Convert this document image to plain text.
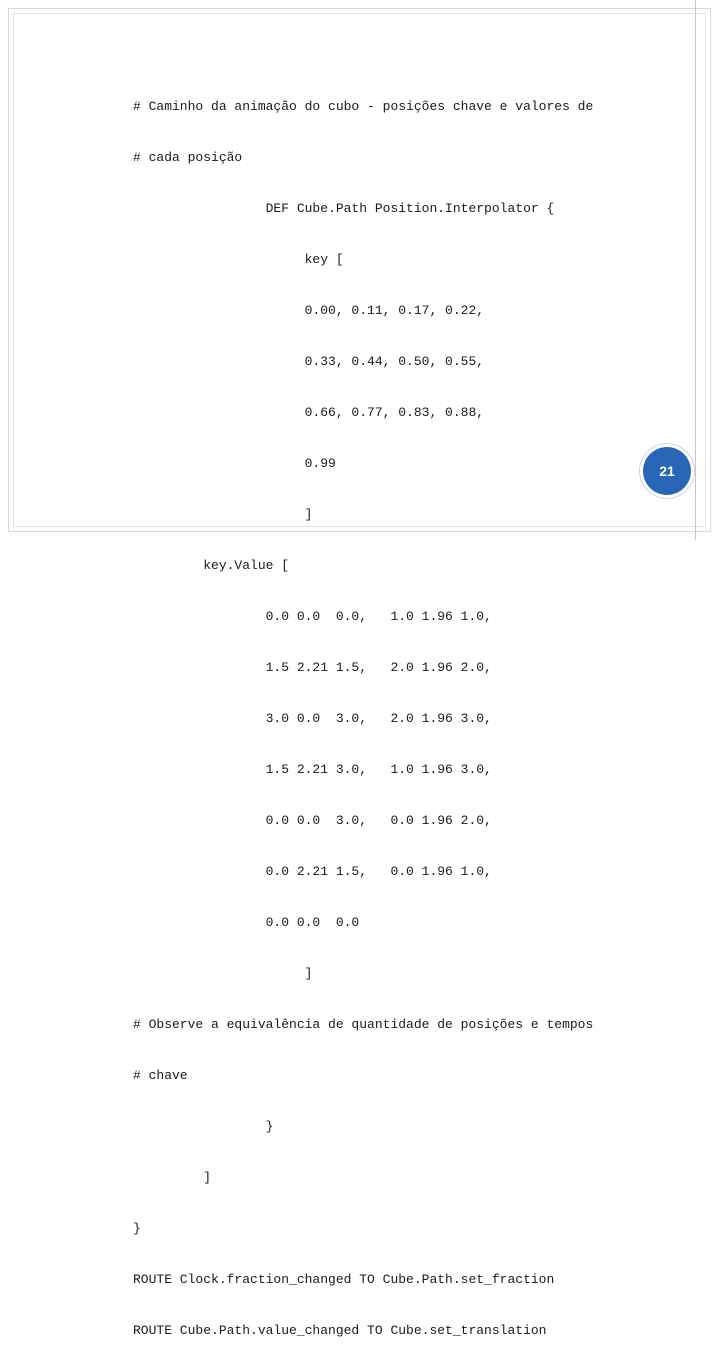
# Caminho da animação do cubo - posições chave e valores de

# cada posição

DEF Cube.Path Position.Interpolator {

key [

0.00, 0.11, 0.17, 0.22,

0.33, 0.44, 0.50, 0.55,

0.66, 0.77, 0.83, 0.88,

0.99

]

key.Value [

0.0 0.0  0.0,   1.0 1.96 1.0,

1.5 2.21 1.5,   2.0 1.96 2.0,

3.0 0.0  3.0,   2.0 1.96 3.0,

1.5 2.21 3.0,   1.0 1.96 3.0,

0.0 0.0  3.0,   0.0 1.96 2.0,

0.0 2.21 1.5,   0.0 1.96 1.0,

0.0 0.0  0.0

]

# Observe a equivalência de quantidade de posições e tempos

# chave

}

]

}

ROUTE Clock.fraction_changed TO Cube.Path.set_fraction

ROUTE Cube.Path.value_changed TO Cube.set_translation

21
